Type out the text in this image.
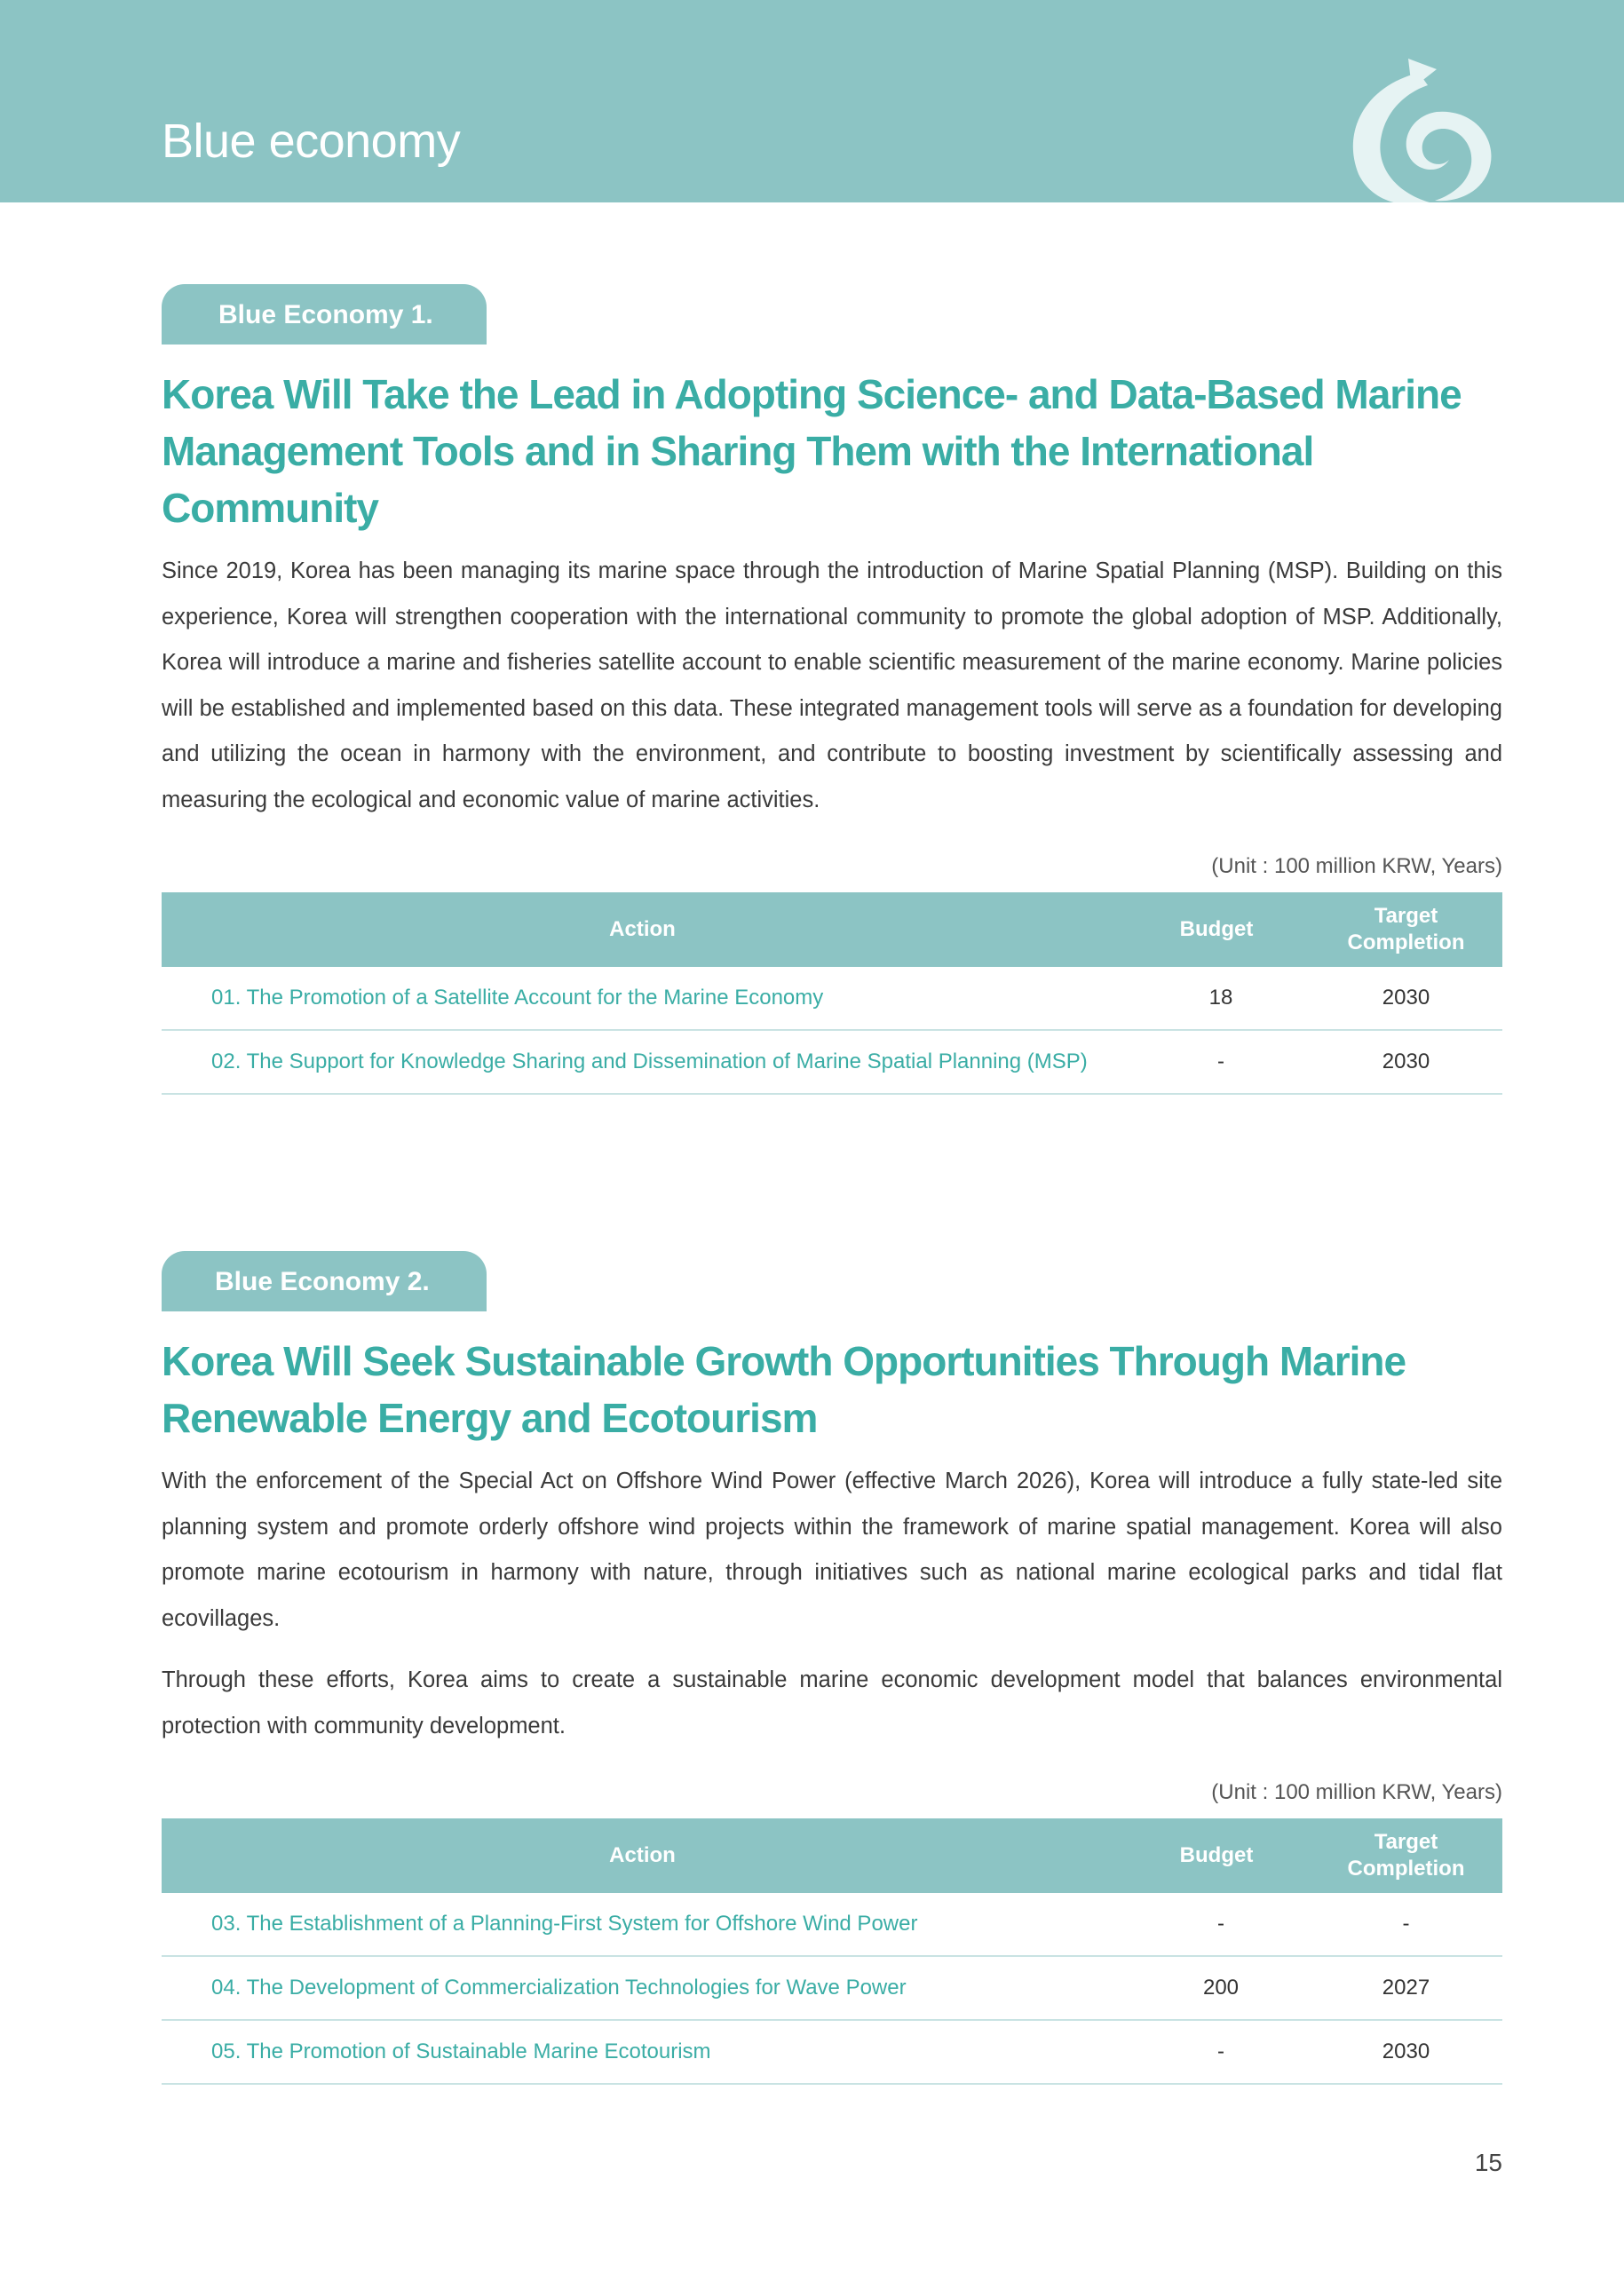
Blue economy
Blue Economy 1.
Korea Will Take the Lead in Adopting Science- and Data-Based Marine
Management Tools and in Sharing Them with the International Community
Since 2019, Korea has been managing its marine space through the introduction of Marine Spatial Planning (MSP). Building on this experience, Korea will strengthen cooperation with the international community to promote the global adoption of MSP. Additionally, Korea will introduce a marine and fisheries satellite account to enable scientific measurement of the marine economy. Marine policies will be established and implemented based on this data. These integrated management tools will serve as a foundation for developing and utilizing the ocean in harmony with the environment, and contribute to boosting investment by scientifically assessing and measuring the ecological and economic value of marine activities.
(Unit : 100 million KRW, Years)
Action	Budget	Target
Completion

01. The Promotion of a Satellite Account for the Marine Economy	18	2030
02. The Support for Knowledge Sharing and Dissemination of Marine Spatial Planning (MSP)	-	2030
Blue Economy 2.
Korea Will Seek Sustainable Growth Opportunities Through Marine
Renewable Energy and Ecotourism
With the enforcement of the Special Act on Offshore Wind Power (effective March 2026), Korea will introduce a fully state-led site planning system and promote orderly offshore wind projects within the framework of marine spatial management. Korea will also promote marine ecotourism in harmony with nature, through initiatives such as national marine ecological parks and tidal flat ecovillages.
Through these efforts, Korea aims to create a sustainable marine economic development model that balances environmental protection with community development.
(Unit : 100 million KRW, Years)
Action	Budget	Target
Completion

03. The Establishment of a Planning-First System for Offshore Wind Power	-	-
04. The Development of Commercialization Technologies for Wave Power	200	2027
05. The Promotion of Sustainable Marine Ecotourism	-	2030
15
